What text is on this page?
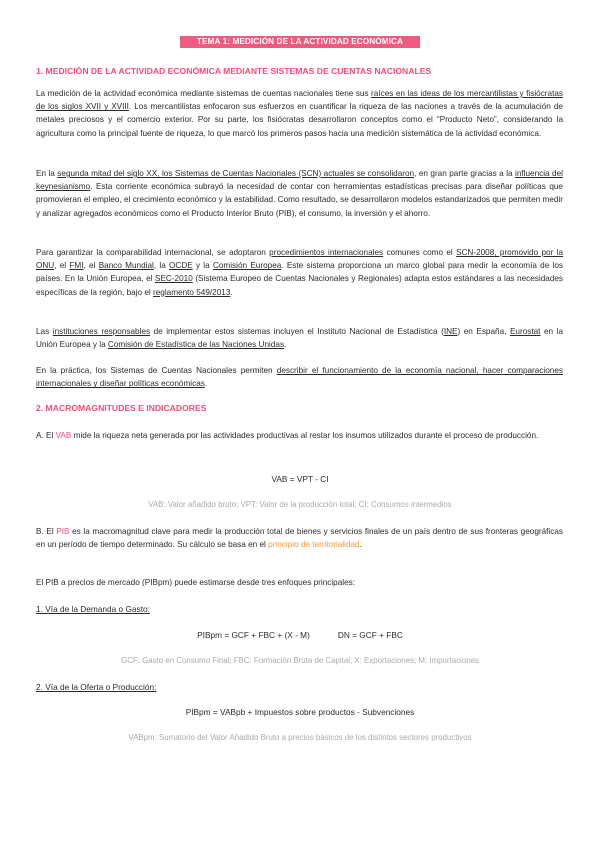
TEMA 1: MEDICIÓN DE LA ACTIVIDAD ECONÓMICA
1. MEDICIÓN DE LA ACTIVIDAD ECONÓMICA MEDIANTE SISTEMAS DE CUENTAS NACIONALES
La medición de la actividad económica mediante sistemas de cuentas nacionales tiene sus raíces en las ideas de los mercantilistas y fisiócratas de los siglos XVII y XVIII. Los mercantilistas enfocaron sus esfuerzos en cuantificar la riqueza de las naciones a través de la acumulación de metales preciosos y el comercio exterior. Por su parte, los fisiócratas desarrollaron conceptos como el “Producto Neto”, considerando la agricultura como la principal fuente de riqueza, lo que marcó los primeros pasos hacia una medición sistemática de la actividad económica.
En la segunda mitad del siglo XX, los Sistemas de Cuentas Nacionales (SCN) actuales se consolidaron, en gran parte gracias a la influencia del keynesianismo. Esta corriente económica subrayó la necesidad de contar con herramientas estadísticas precisas para diseñar políticas que promovieran el empleo, el crecimiento económico y la estabilidad. Como resultado, se desarrollaron modelos estandarizados que permiten medir y analizar agregados económicos como el Producto Interior Bruto (PIB), el consumo, la inversión y el ahorro.
Para garantizar la comparabilidad internacional, se adoptaron procedimientos internacionales comunes como el SCN-2008, promovido por la ONU, el FMI, el Banco Mundial, la OCDE y la Comisión Europea. Este sistema proporciona un marco global para medir la economía de los países. En la Unión Europea, el SEC-2010 (Sistema Europeo de Cuentas Nacionales y Regionales) adapta estos estándares a las necesidades específicas de la región, bajo el reglamento 549/2013.
Las instituciones responsables de implementar estos sistemas incluyen el Instituto Nacional de Estadística (INE) en España, Eurostat en la Unión Europea y la Comisión de Estadística de las Naciones Unidas.
En la práctica, los Sistemas de Cuentas Nacionales permiten describir el funcionamiento de la economía nacional, hacer comparaciones internacionales y diseñar políticas económicas.
2. MACROMAGNITUDES E INDICADORES
A. El VAB mide la riqueza neta generada por las actividades productivas al restar los insumos utilizados durante el proceso de producción.
VAB = VPT - CI
VAB: Valor añadido bruto; VPT: Valor de la producción total; CI: Consumos intermedios
B. El PIB es la macromagnitud clave para medir la producción total de bienes y servicios finales de un país dentro de sus fronteras geográficas en un período de tiempo determinado. Su cálculo se basa en el principio de territorialidad.
El PIB a precios de mercado (PIBpm) puede estimarse desde tres enfoques principales:
1. Vía de la Demanda o Gasto:
PIBpm = GCF + FBC + (X - M)	DN = GCF + FBC
GCF: Gasto en Consumo Final; FBC: Formación Bruta de Capital; X: Exportaciones; M: Importaciones
2. Vía de la Oferta o Producción:
PIBpm = VABpb + Impuestos sobre productos - Subvenciones
VABpm: Sumatorio del Valor Añadido Bruto a precios básicos de los distintos sectores productivos
